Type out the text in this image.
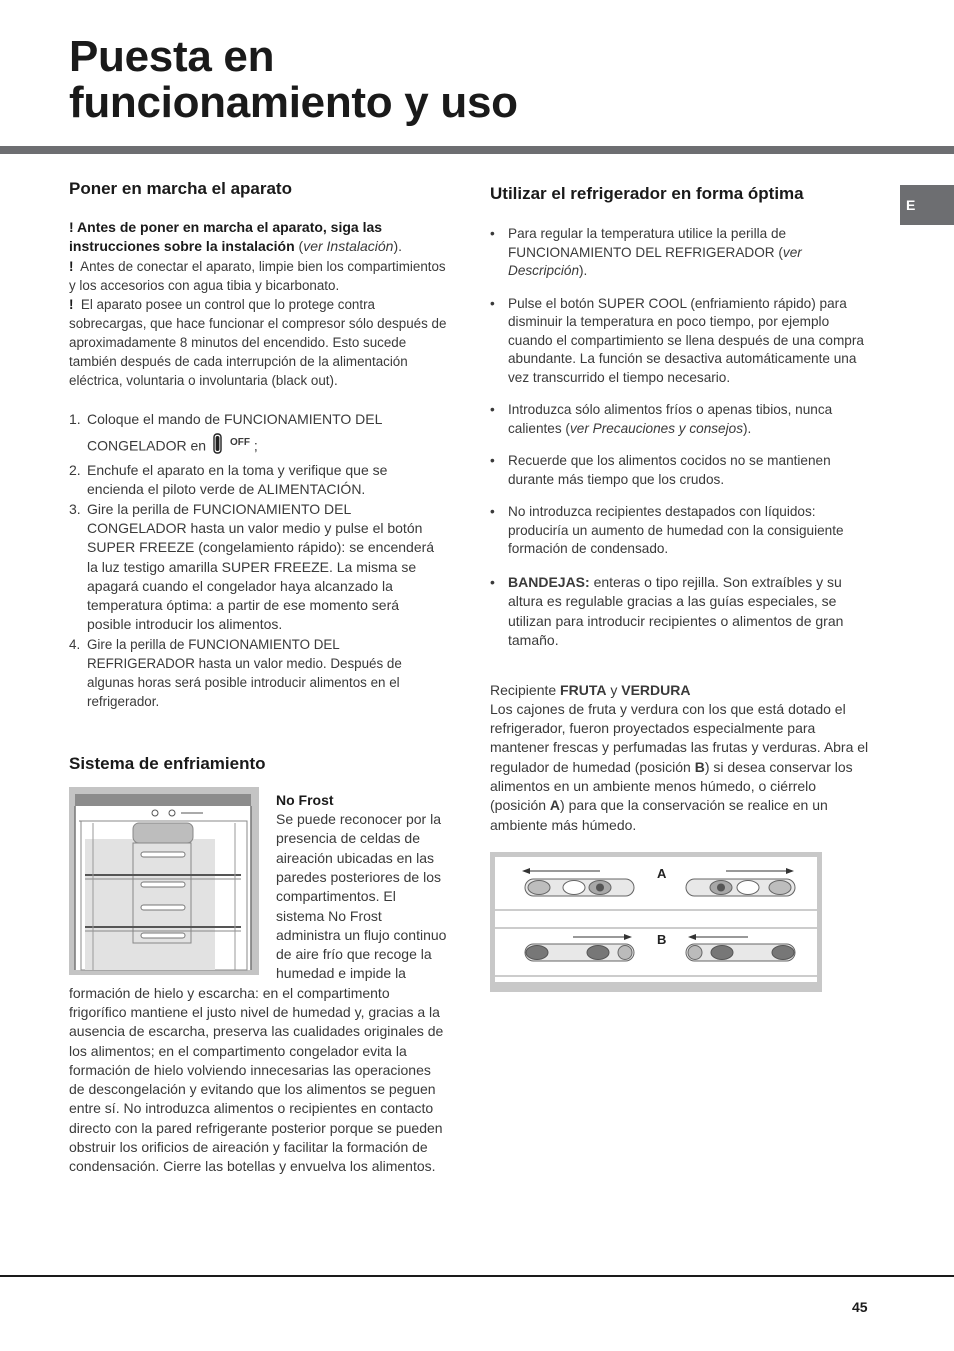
Puesta en
funcionamiento y uso
E
Poner en marcha el aparato

! Antes de poner en marcha el aparato, siga las instrucciones sobre la instalación (ver Instalación).

! Antes de conectar el aparato, limpie bien los compartimientos y los accesorios con agua tibia y bicarbonato.

! El aparato posee un control que lo protege contra sobrecargas, que hace funcionar el compresor sólo después de aproximadamente 8 minutos del encendido. Esto sucede también después de cada interrupción de la alimentación eléctrica, voluntaria o involuntaria (black out).

1. Coloque el mando de FUNCIONAMIENTO DEL CONGELADOR en $^{OFF}$ ;
2. Enchufe el aparato en la toma y verifique que se encienda el piloto verde de ALIMENTACIÓN.
3. Gire la perilla de FUNCIONAMIENTO DEL CONGELADOR hasta un valor medio y pulse el botón SUPER FREEZE (congelamiento rápido): se encenderá la luz testigo amarilla SUPER FREEZE. La misma se apagará cuando el congelador haya alcanzado la temperatura óptima: a partir de ese momento será posible introducir los alimentos.
4. Gire la perilla de FUNCIONAMIENTO DEL REFRIGERADOR hasta un valor medio. Después de algunas horas será posible introducir alimentos en el refrigerador.
Sistema de enfriamiento
No Frost

Se puede reconocer por la presencia de celdas de aireación ubicadas en las paredes posteriores de los compartimentos. El sistema No Frost administra un flujo continuo de aire frío que recoge la humedad e impide la formación de hielo y escarcha: en el compartimento frigorífico mantiene el justo nivel de humedad y, gracias a la ausencia de escarcha, preserva las cualidades originales de los alimentos; en el compartimento congelador evita la formación de hielo volviendo innecesarias las operaciones de descongelación y evitando que los alimentos se peguen entre sí. No introduzca alimentos o recipientes en contacto directo con la pared refrigerante posterior porque se pueden obstruir los orificios de aireación y facilitar la formación de condensación. Cierre las botellas y envuelva los alimentos.

Utilizar el refrigerador en forma óptima
• Para regular la temperatura utilice la perilla de FUNCIONAMIENTO DEL REFRIGERADOR (ver Descripción).
• Pulse el botón SUPER COOL (enfriamiento rápido) para disminuir la temperatura en poco tiempo, por ejemplo cuando el compartimiento se llena después de una compra abundante. La función se desactiva automáticamente una vez transcurrido el tiempo necesario.
• Introduzca sólo alimentos fríos o apenas tibios, nunca calientes (ver Precauciones y consejos).
• Recuerde que los alimentos cocidos no se mantienen durante más tiempo que los crudos.
• No introduzca recipientes destapados con líquidos: produciría un aumento de humedad con la consiguiente formación de condensado.
• BANDEJAS: enteras o tipo rejilla. Son extraíbles y su altura es regulable gracias a las guías especiales, se utilizan para introducir recipientes o alimentos de gran tamaño.

Recipiente FRUTA y VERDURA

Los cajones de fruta y verdura con los que está dotado el refrigerador, fueron proyectados especialmente para mantener frescas y perfumadas las frutas y verduras. Abra el regulador de humedad (posición B) si desea conservar los alimentos en un ambiente menos húmedo, o ciérrelo (posición A) para que la conservación se realice en un ambiente más húmedo.

A
B
45
